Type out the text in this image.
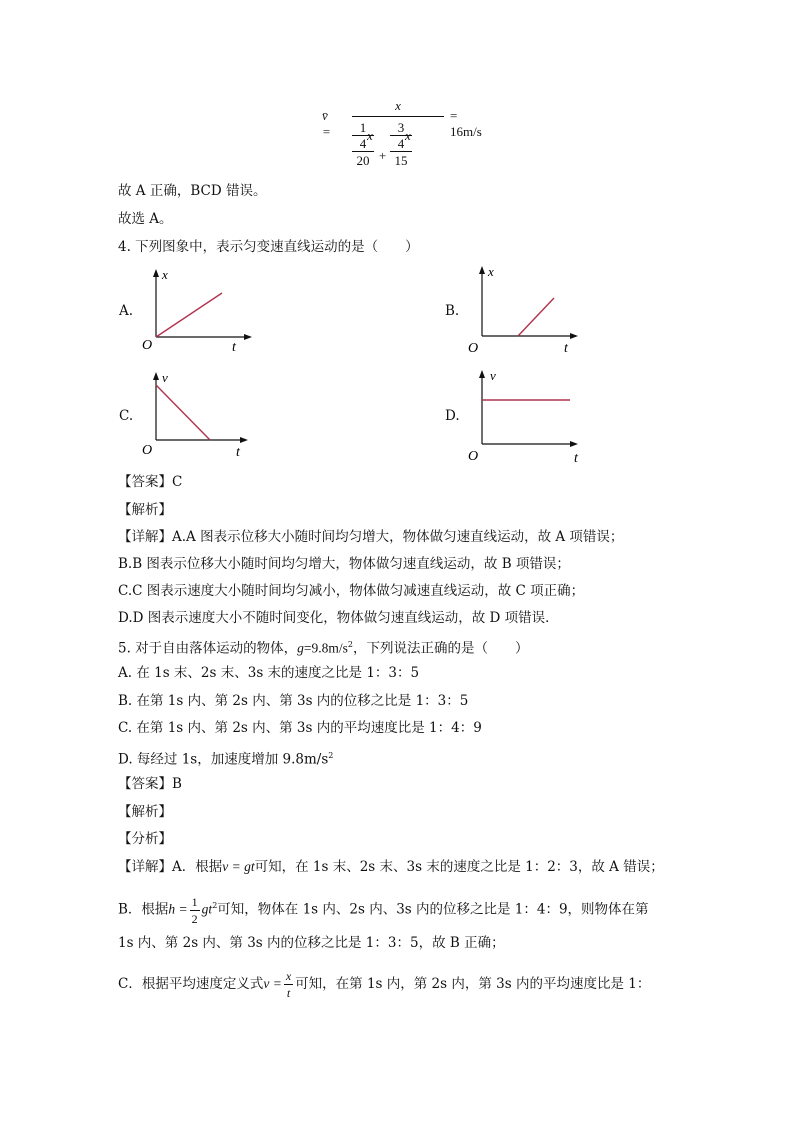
v̄ =
x
= 16m/s
1
4
20
x
+
3
4
15
x
故 A 正确，BCD 错误。
故选 A。
4. 下列图象中，表示匀变速直线运动的是（　　）
A.
x
O	t
B.
x
O	t
C.
v
O	t
D.
v
O	t
【答案】C
【解析】
【详解】A.A 图表示位移大小随时间均匀增大，物体做匀速直线运动，故 A 项错误；
B.B 图表示位移大小随时间均匀增大，物体做匀速直线运动，故 B 项错误；
C.C 图表示速度大小随时间均匀减小，物体做匀减速直线运动，故 C 项正确；
D.D 图表示速度大小不随时间变化，物体做匀速直线运动，故 D 项错误．
5. 对于自由落体运动的物体，$g=9.8m/s^2$，下列说法正确的是（　　）
A. 在 1s 末、2s 末、3s 末的速度之比是 1：3：5
B. 在第 1s 内、第 2s 内、第 3s 内的位移之比是 1：3：5
C. 在第 1s 内、第 2s 内、第 3s 内的平均速度比是 1：4：9
D. 每经过 1s，加速度增加 $9.8m/s^2$
【答案】B
【解析】
【分析】
【详解】A．根据v = gt可知，在 1s 末、2s 末、3s 末的速度之比是 1：2：3，故 A 错误；
B．根据$h = \frac{1}{2} gt^2$可知，物体在 1s 内、2s 内、3s 内的位移之比是 1：4：9，则物体在第
1s 内、第 2s 内、第 3s 内的位移之比是 1：3：5，故 B 正确；
C．根据平均速度定义式$v = \frac{x}{t}$ 可知，在第 1s 内，第 2s 内，第 3s 内的平均速度比是 1：
